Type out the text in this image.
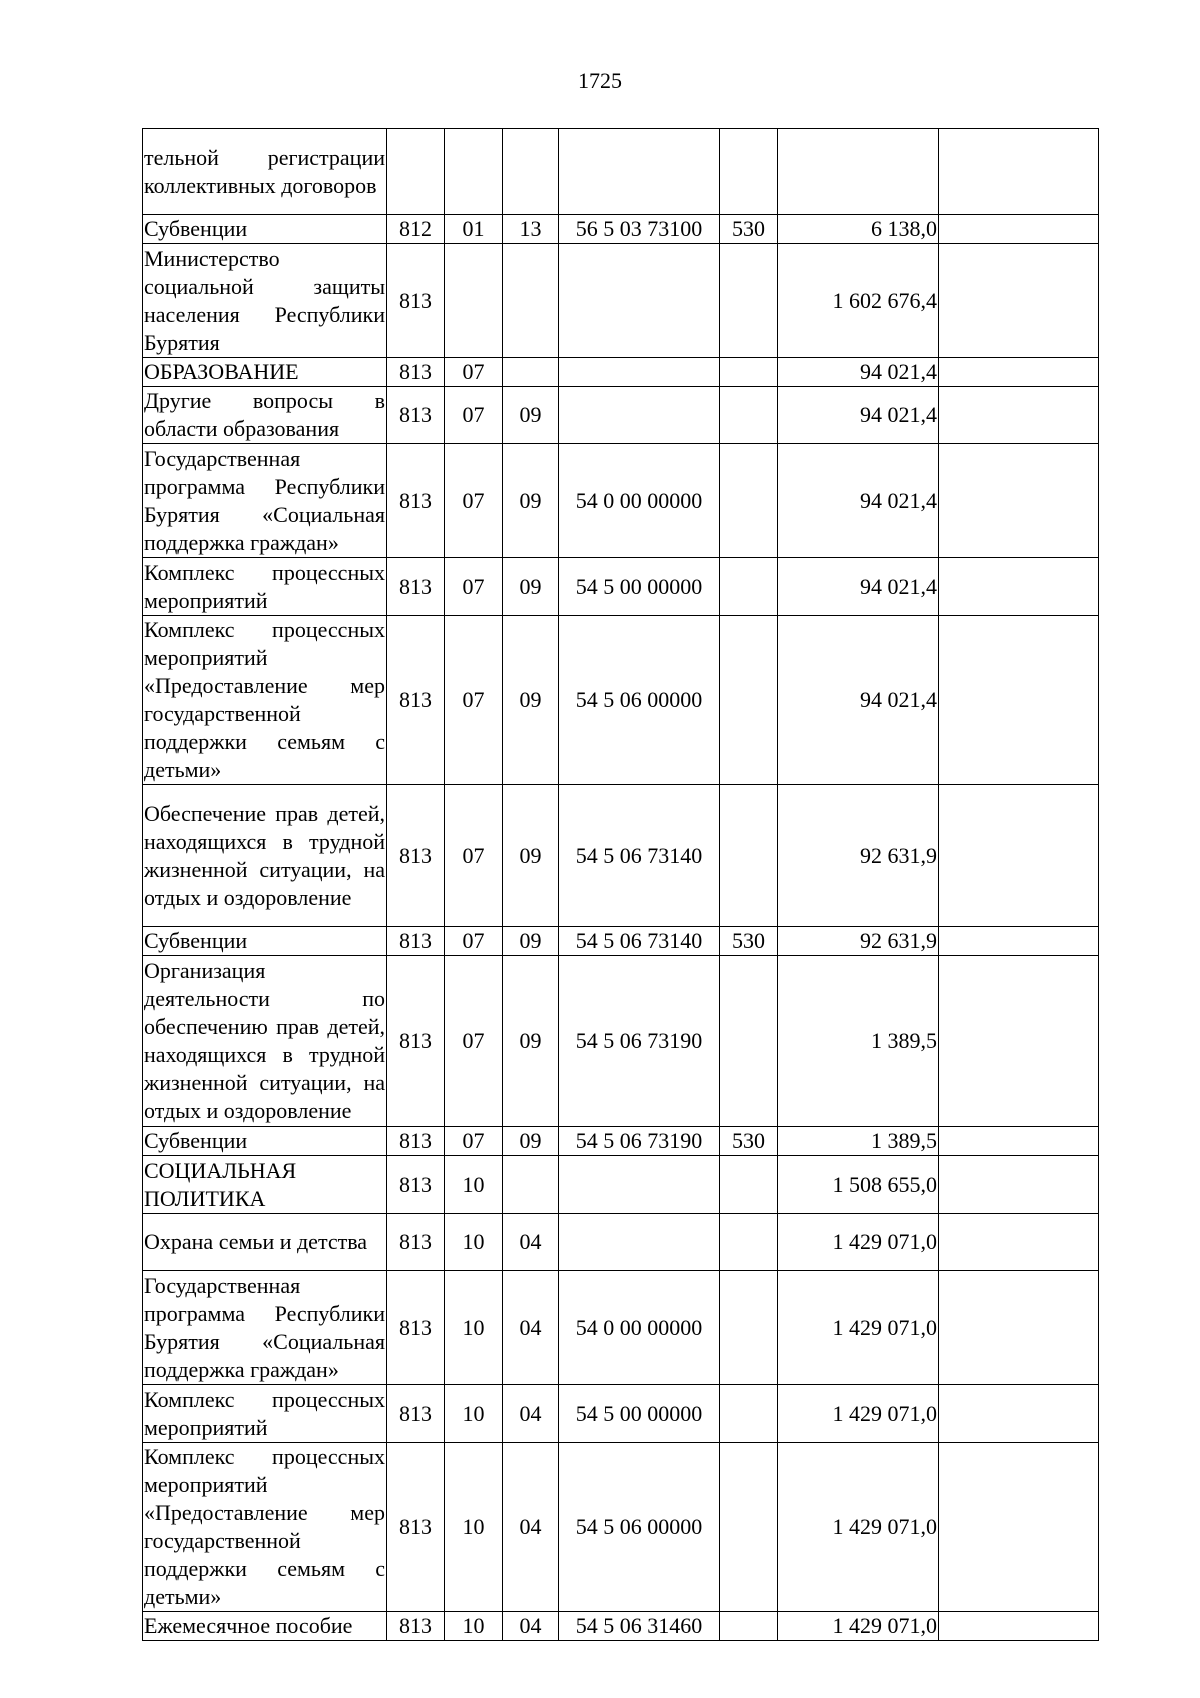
1725
тельной регистрации коллективных договоров							
Субвенции	812	01	13	56 5 03 73100	530	6 138,0	
Министерство социальной защиты населения Республики Бурятия	813					1 602 676,4	
ОБРАЗОВАНИЕ	813	07				94 021,4	
Другие вопросы в области образования	813	07	09			94 021,4	
Государственная программа Республики Бурятия «Социальная поддержка граждан»	813	07	09	54 0 00 00000		94 021,4	
Комплекс процессных мероприятий	813	07	09	54 5 00 00000		94 021,4	
Комплекс процессных мероприятий «Предоставление мер государственной поддержки семьям с детьми»	813	07	09	54 5 06 00000		94 021,4	
Обеспечение прав детей, находящихся в трудной жизненной ситуации, на отдых и оздоровление	813	07	09	54 5 06 73140		92 631,9	
Субвенции	813	07	09	54 5 06 73140	530	92 631,9	
Организация деятельности по обеспечению прав детей, находящихся в трудной жизненной ситуации, на отдых и оздоровление	813	07	09	54 5 06 73190		1 389,5	
Субвенции	813	07	09	54 5 06 73190	530	1 389,5	
СОЦИАЛЬНАЯ ПОЛИТИКА	813	10				1 508 655,0	
Охрана семьи и детства	813	10	04			1 429 071,0	
Государственная программа Республики Бурятия «Социальная поддержка граждан»	813	10	04	54 0 00 00000		1 429 071,0	
Комплекс процессных мероприятий	813	10	04	54 5 00 00000		1 429 071,0	
Комплекс процессных мероприятий «Предоставление мер государственной поддержки семьям с детьми»	813	10	04	54 5 06 00000		1 429 071,0	
Ежемесячное пособие	813	10	04	54 5 06 31460		1 429 071,0	
